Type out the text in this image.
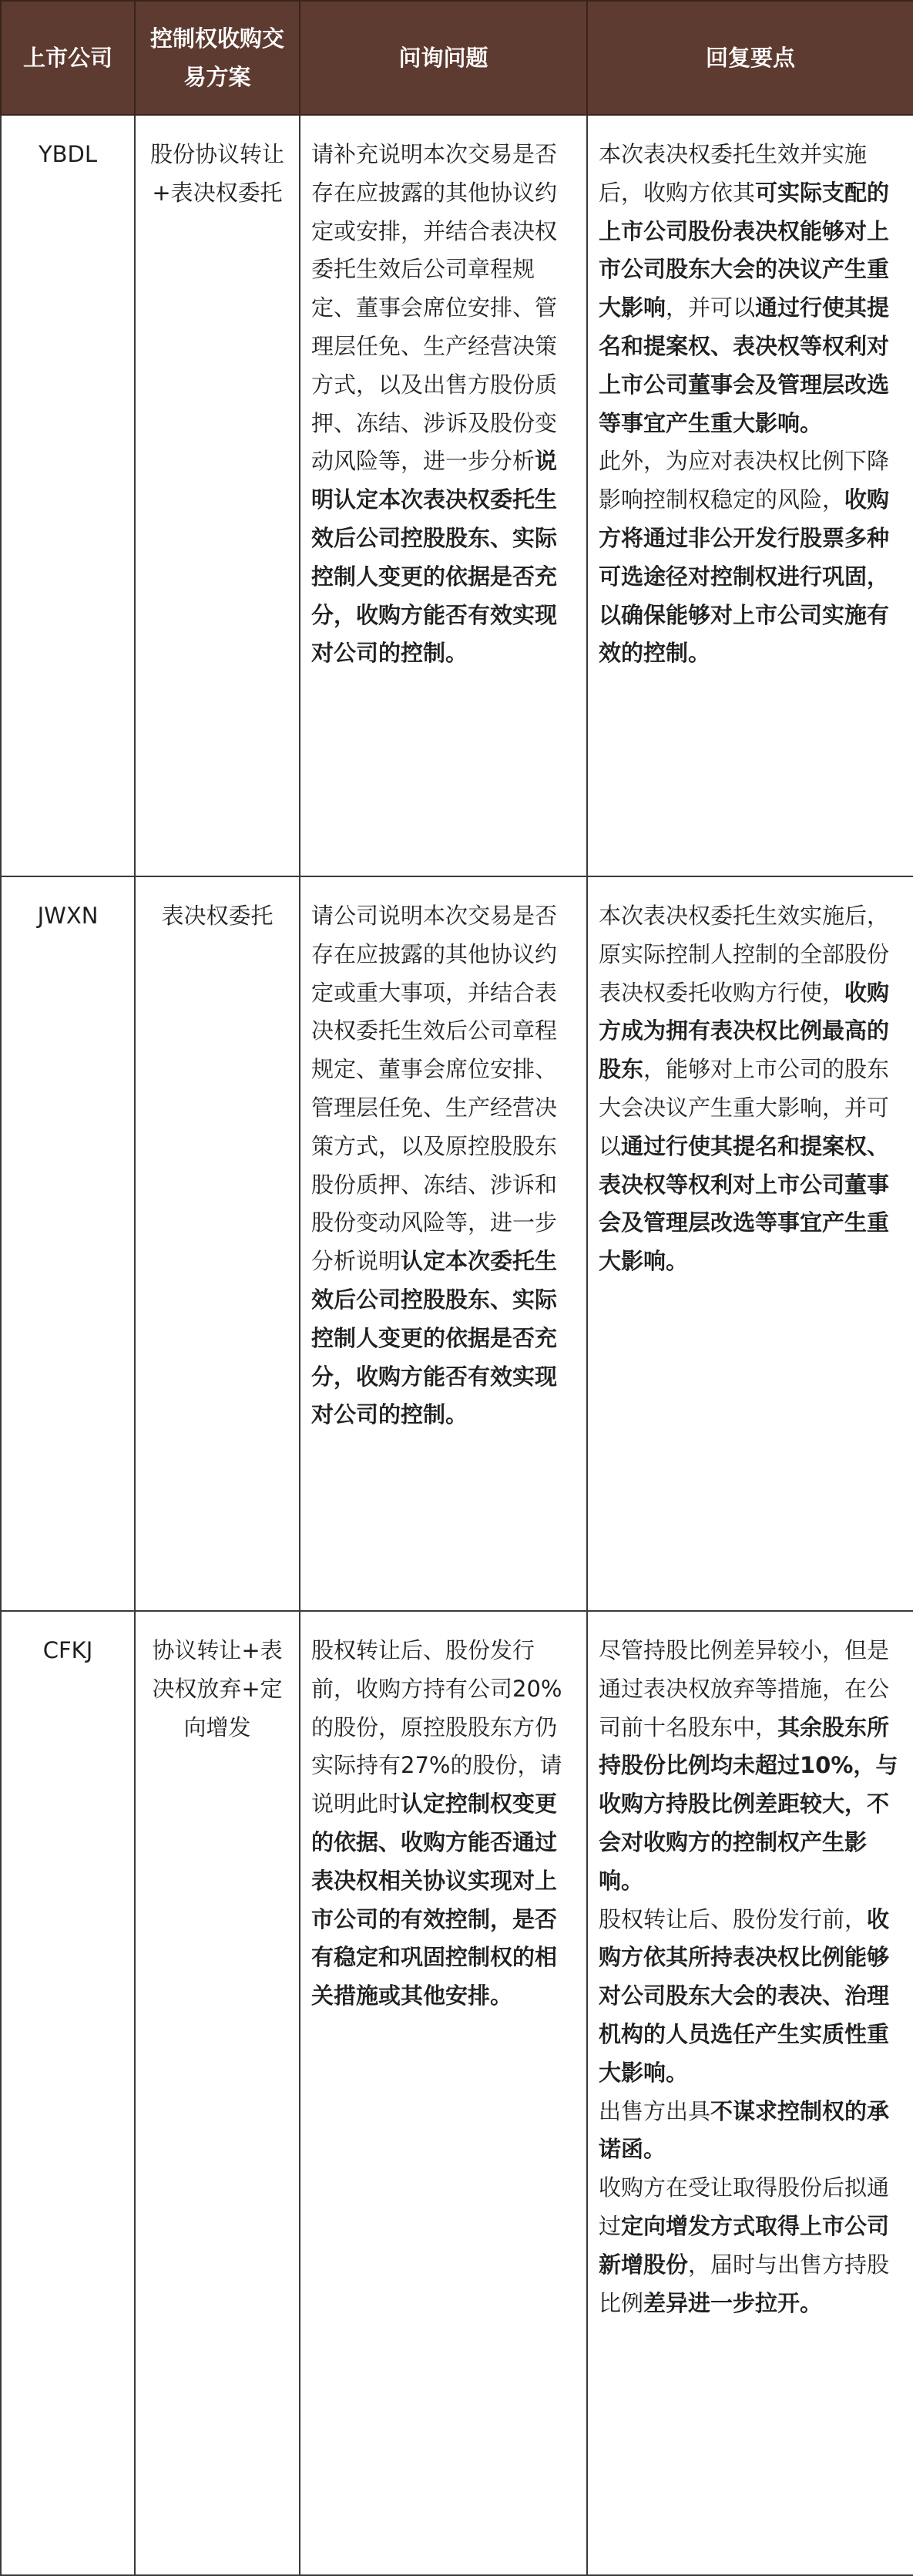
上市公司	控制权收购交易方案	问询问题	回复要点
YBDL	股份协议转让+表决权委托	请补充说明本次交易是否存在应披露的其他协议约定或安排，并结合表决权委托生效后公司章程规定、董事会席位安排、管理层任免、生产经营决策方式，以及出售方股份质押、冻结、涉诉及股份变动风险等，进一步分析说明认定本次表决权委托生效后公司控股股东、实际控制人变更的依据是否充分，收购方能否有效实现对公司的控制。	本次表决权委托生效并实施后，收购方依其可实际支配的上市公司股份表决权能够对上市公司股东大会的决议产生重大影响，并可以通过行使其提名和提案权、表决权等权利对上市公司董事会及管理层改选等事宜产生重大影响。
此外，为应对表决权比例下降影响控制权稳定的风险，收购方将通过非公开发行股票多种可选途径对控制权进行巩固，以确保能够对上市公司实施有效的控制。

JWXN	表决权委托	请公司说明本次交易是否存在应披露的其他协议约定或重大事项，并结合表决权委托生效后公司章程规定、董事会席位安排、管理层任免、生产经营决策方式，以及原控股股东股份质押、冻结、涉诉和股份变动风险等，进一步分析说明认定本次委托生效后公司控股股东、实际控制人变更的依据是否充分，收购方能否有效实现对公司的控制。	本次表决权委托生效实施后，原实际控制人控制的全部股份表决权委托收购方行使，收购方成为拥有表决权比例最高的股东，能够对上市公司的股东大会决议产生重大影响，并可以通过行使其提名和提案权、表决权等权利对上市公司董事会及管理层改选等事宜产生重大影响。

CFKJ	协议转让+表决权放弃+定向增发	股权转让后、股份发行前，收购方持有公司20%的股份，原控股股东方仍实际持有27%的股份，请说明此时认定控制权变更的依据、收购方能否通过表决权相关协议实现对上市公司的有效控制，是否有稳定和巩固控制权的相关措施或其他安排。	尽管持股比例差异较小，但是通过表决权放弃等措施，在公司前十名股东中，其余股东所持股份比例均未超过10%，与收购方持股比例差距较大，不会对收购方的控制权产生影响。
股权转让后、股份发行前，收购方依其所持表决权比例能够对公司股东大会的表决、治理机构的人员选任产生实质性重大影响。
出售方出具不谋求控制权的承诺函。
收购方在受让取得股份后拟通过定向增发方式取得上市公司新增股份，届时与出售方持股比例差异进一步拉开。
